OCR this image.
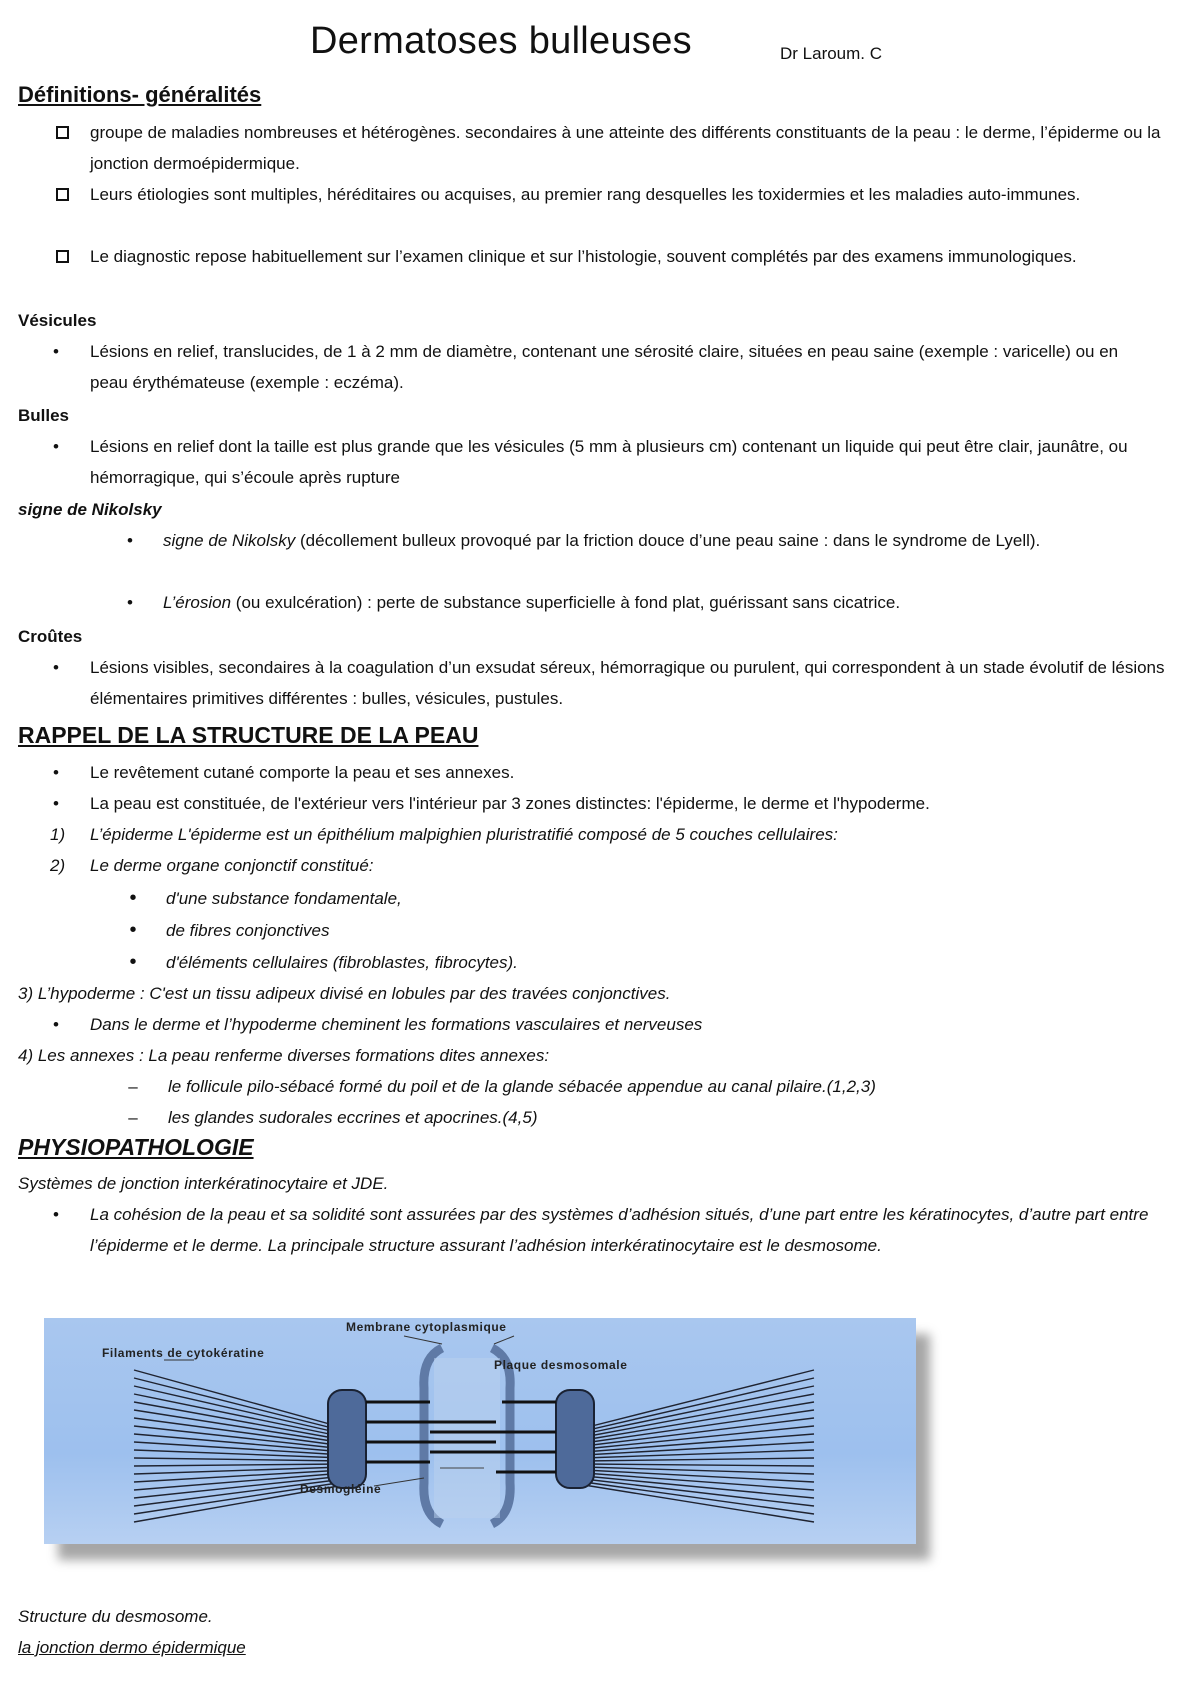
Dermatoses bulleuses	Dr Laroum. C
Définitions- généralités
groupe de maladies nombreuses et hétérogènes. secondaires à une atteinte des différents constituants de la peau : le derme, l’épiderme ou la jonction dermoépidermique.
Leurs étiologies sont multiples, héréditaires ou acquises, au premier rang desquelles les toxidermies et les maladies auto-immunes.
Le diagnostic repose habituellement sur l’examen clinique et sur l’histologie, souvent complétés par des examens immunologiques.
Vésicules
•	Lésions en relief, translucides, de 1 à 2 mm de diamètre, contenant une sérosité claire, situées en peau saine (exemple : varicelle) ou en peau érythémateuse (exemple : eczéma).
Bulles
•	Lésions en relief dont la taille est plus grande que les vésicules (5 mm à plusieurs cm) contenant un liquide qui peut être clair, jaunâtre, ou hémorragique, qui s’écoule après rupture
signe de Nikolsky
•	signe de Nikolsky (décollement bulleux provoqué par la friction douce d’une peau saine : dans le syndrome de Lyell).
•	L’érosion (ou exulcération) : perte de substance superficielle à fond plat, guérissant sans cicatrice.
Croûtes
•	Lésions visibles, secondaires à la coagulation d’un exsudat séreux, hémorragique ou purulent, qui correspondent à un stade évolutif de lésions élémentaires primitives différentes : bulles, vésicules, pustules.
RAPPEL DE LA STRUCTURE DE LA PEAU
•	Le revêtement cutané comporte la peau et ses annexes.
•	La peau est constituée, de l'extérieur vers l'intérieur par 3 zones distinctes: l'épiderme, le derme et l'hypoderme.
1) L’épiderme L'épiderme est un épithélium malpighien pluristratifié composé de 5 couches cellulaires:
2) Le derme organe conjonctif constitué:
•	d'une substance fondamentale,
•	de fibres conjonctives
•	d'éléments cellulaires (fibroblastes, fibrocytes).
3) L’hypoderme : C'est un tissu adipeux divisé en lobules par des travées conjonctives.
•	Dans le derme et l’hypoderme cheminent les formations vasculaires et nerveuses
4) Les annexes : La peau renferme diverses formations dites annexes:
–	le follicule pilo-sébacé formé du poil et de la glande sébacée appendue au canal pilaire.(1,2,3)
–	les glandes sudorales eccrines et apocrines.(4,5)
PHYSIOPATHOLOGIE
Systèmes de jonction interkératinocytaire et JDE.
•	La cohésion de la peau et sa solidité sont assurées par des systèmes d’adhésion situés, d’une part entre les kératinocytes, d’autre part entre l’épiderme et le derme. La principale structure assurant l’adhésion interkératinocytaire est le desmosome.
Membrane cytoplasmique
Filaments de cytokératine
Plaque desmosomale
Desmogléine
Structure du desmosome.
la jonction dermo épidermique
